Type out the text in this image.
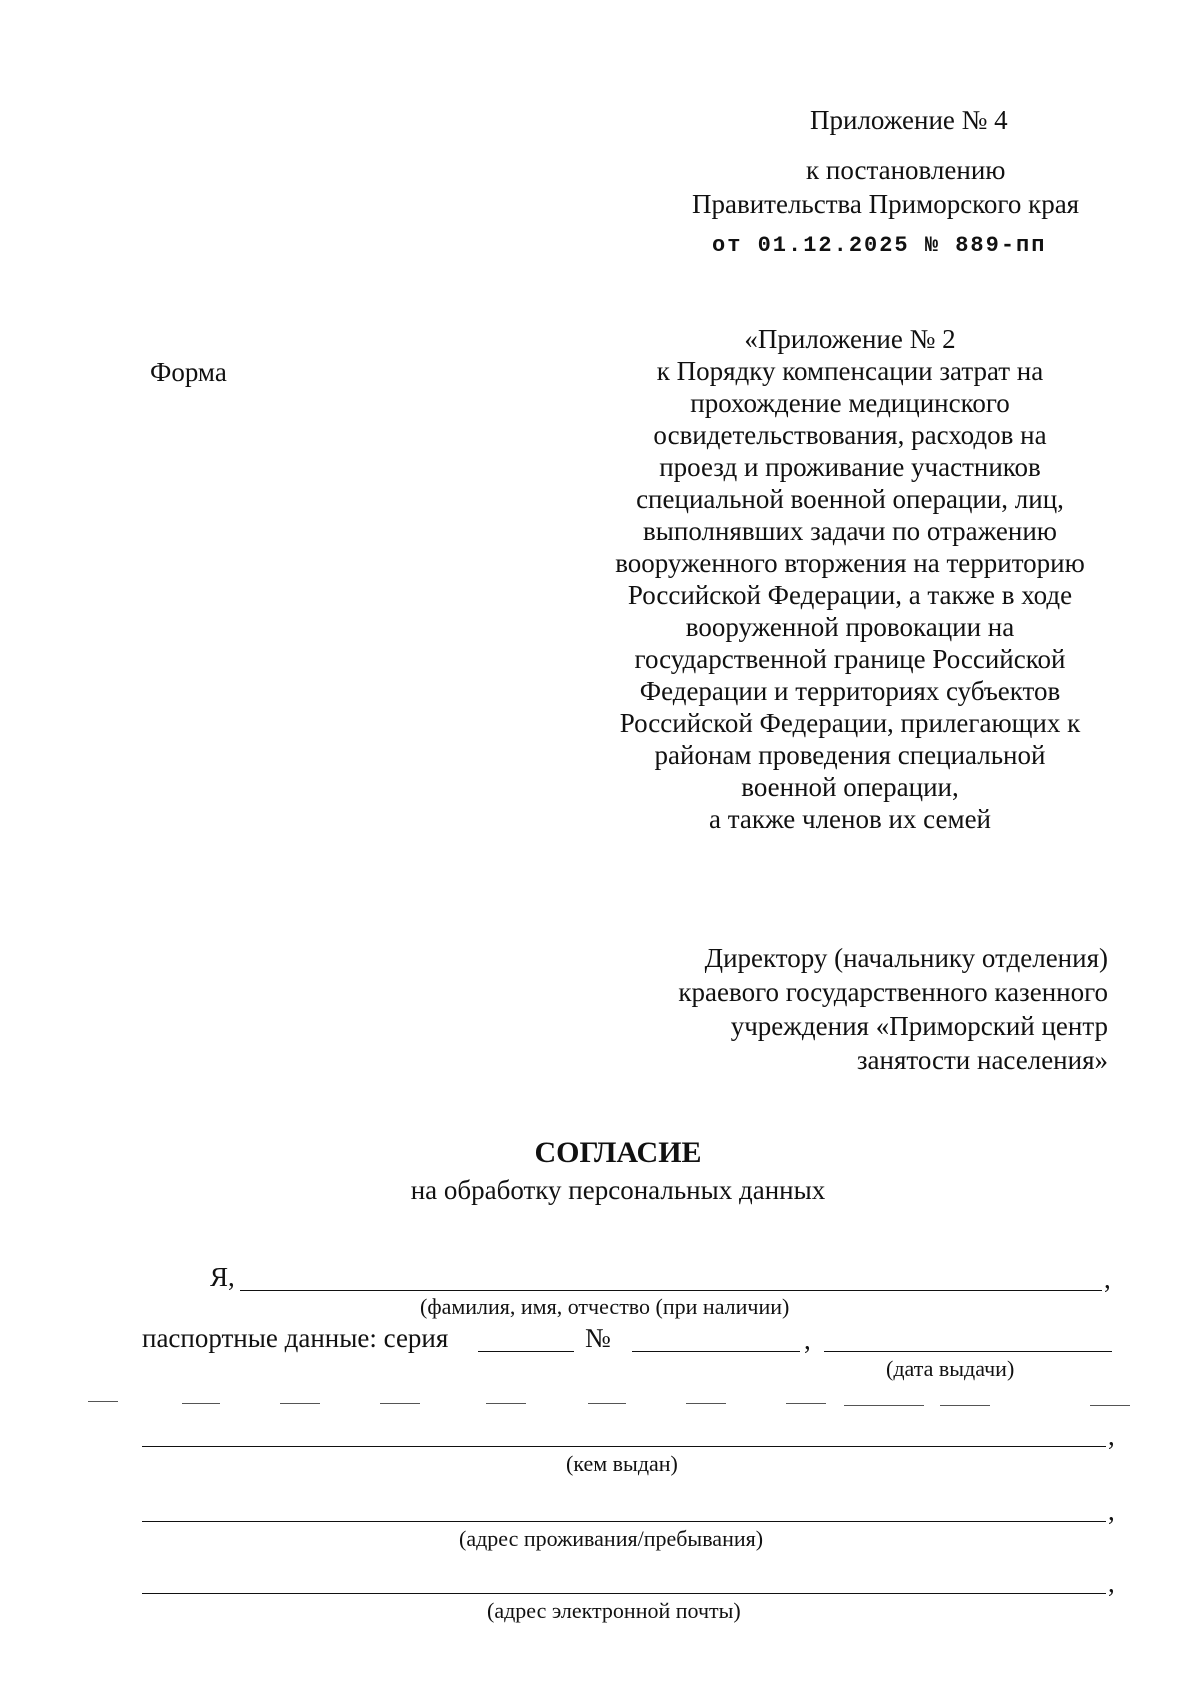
Приложение № 4
к постановлению
Правительства Приморского края
от 01.12.2025 № 889-пп
Форма
«Приложение № 2
к Порядку компенсации затрат на
прохождение медицинского
освидетельствования, расходов на
проезд и проживание участников
специальной военной операции, лиц,
выполнявших задачи по отражению
вооруженного вторжения на территорию
Российской Федерации, а также в ходе
вооруженной провокации на
государственной границе Российской
Федерации и территориях субъектов
Российской Федерации, прилегающих к
районам проведения специальной
военной операции,
а также членов их семей
Директору (начальнику отделения)
краевого государственного казенного
учреждения «Приморский центр
занятости населения»
СОГЛАСИЕ
на обработку персональных данных
Я,	,
(фамилия, имя, отчество (при наличии)
паспортные данные: серия	№	,
(дата выдачи)
,
(кем выдан)
,
(адрес проживания/пребывания)
,
(адрес электронной почты)
